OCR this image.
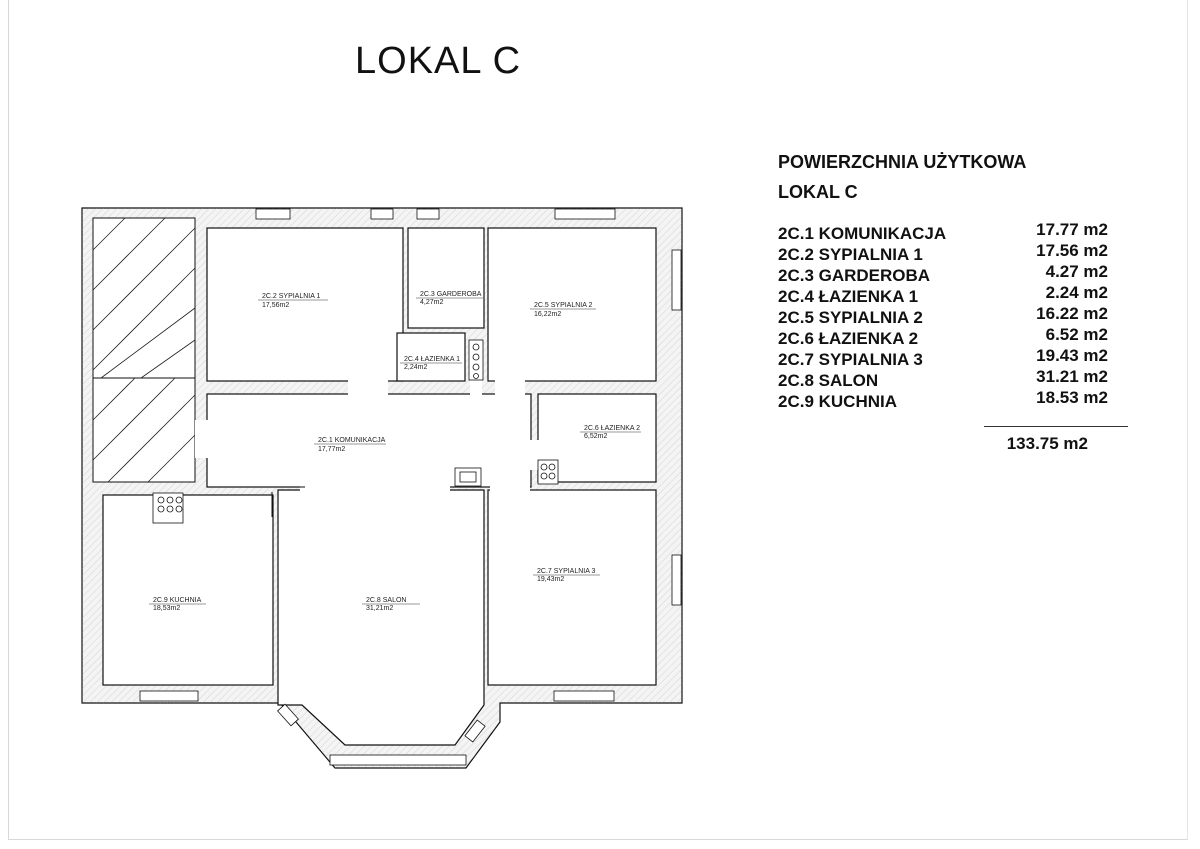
LOKAL C
POWIERZCHNIA UŻYTKOWA
LOKAL C
2C.1 KOMUNIKACJA	17.77 m2
2C.2 SYPIALNIA 1	17.56 m2
2C.3 GARDEROBA	4.27 m2
2C.4 ŁAZIENKA 1	2.24 m2
2C.5 SYPIALNIA 2	16.22 m2
2C.6 ŁAZIENKA 2	6.52 m2
2C.7 SYPIALNIA 3	19.43 m2
2C.8 SALON	31.21 m2
2C.9 KUCHNIA	18.53 m2
133.75 m2
2C.2 SYPIALNIA 1
17,56m2
2C.3 GARDEROBA
4,27m2
2C.4 ŁAZIENKA 1
2,24m2
2C.5 SYPIALNIA 2
16,22m2
2C.1 KOMUNIKACJA
17,77m2
2C.6 ŁAZIENKA 2
6,52m2
2C.7 SYPIALNIA 3
19,43m2
2C.8 SALON
31,21m2
2C.9 KUCHNIA
18,53m2
